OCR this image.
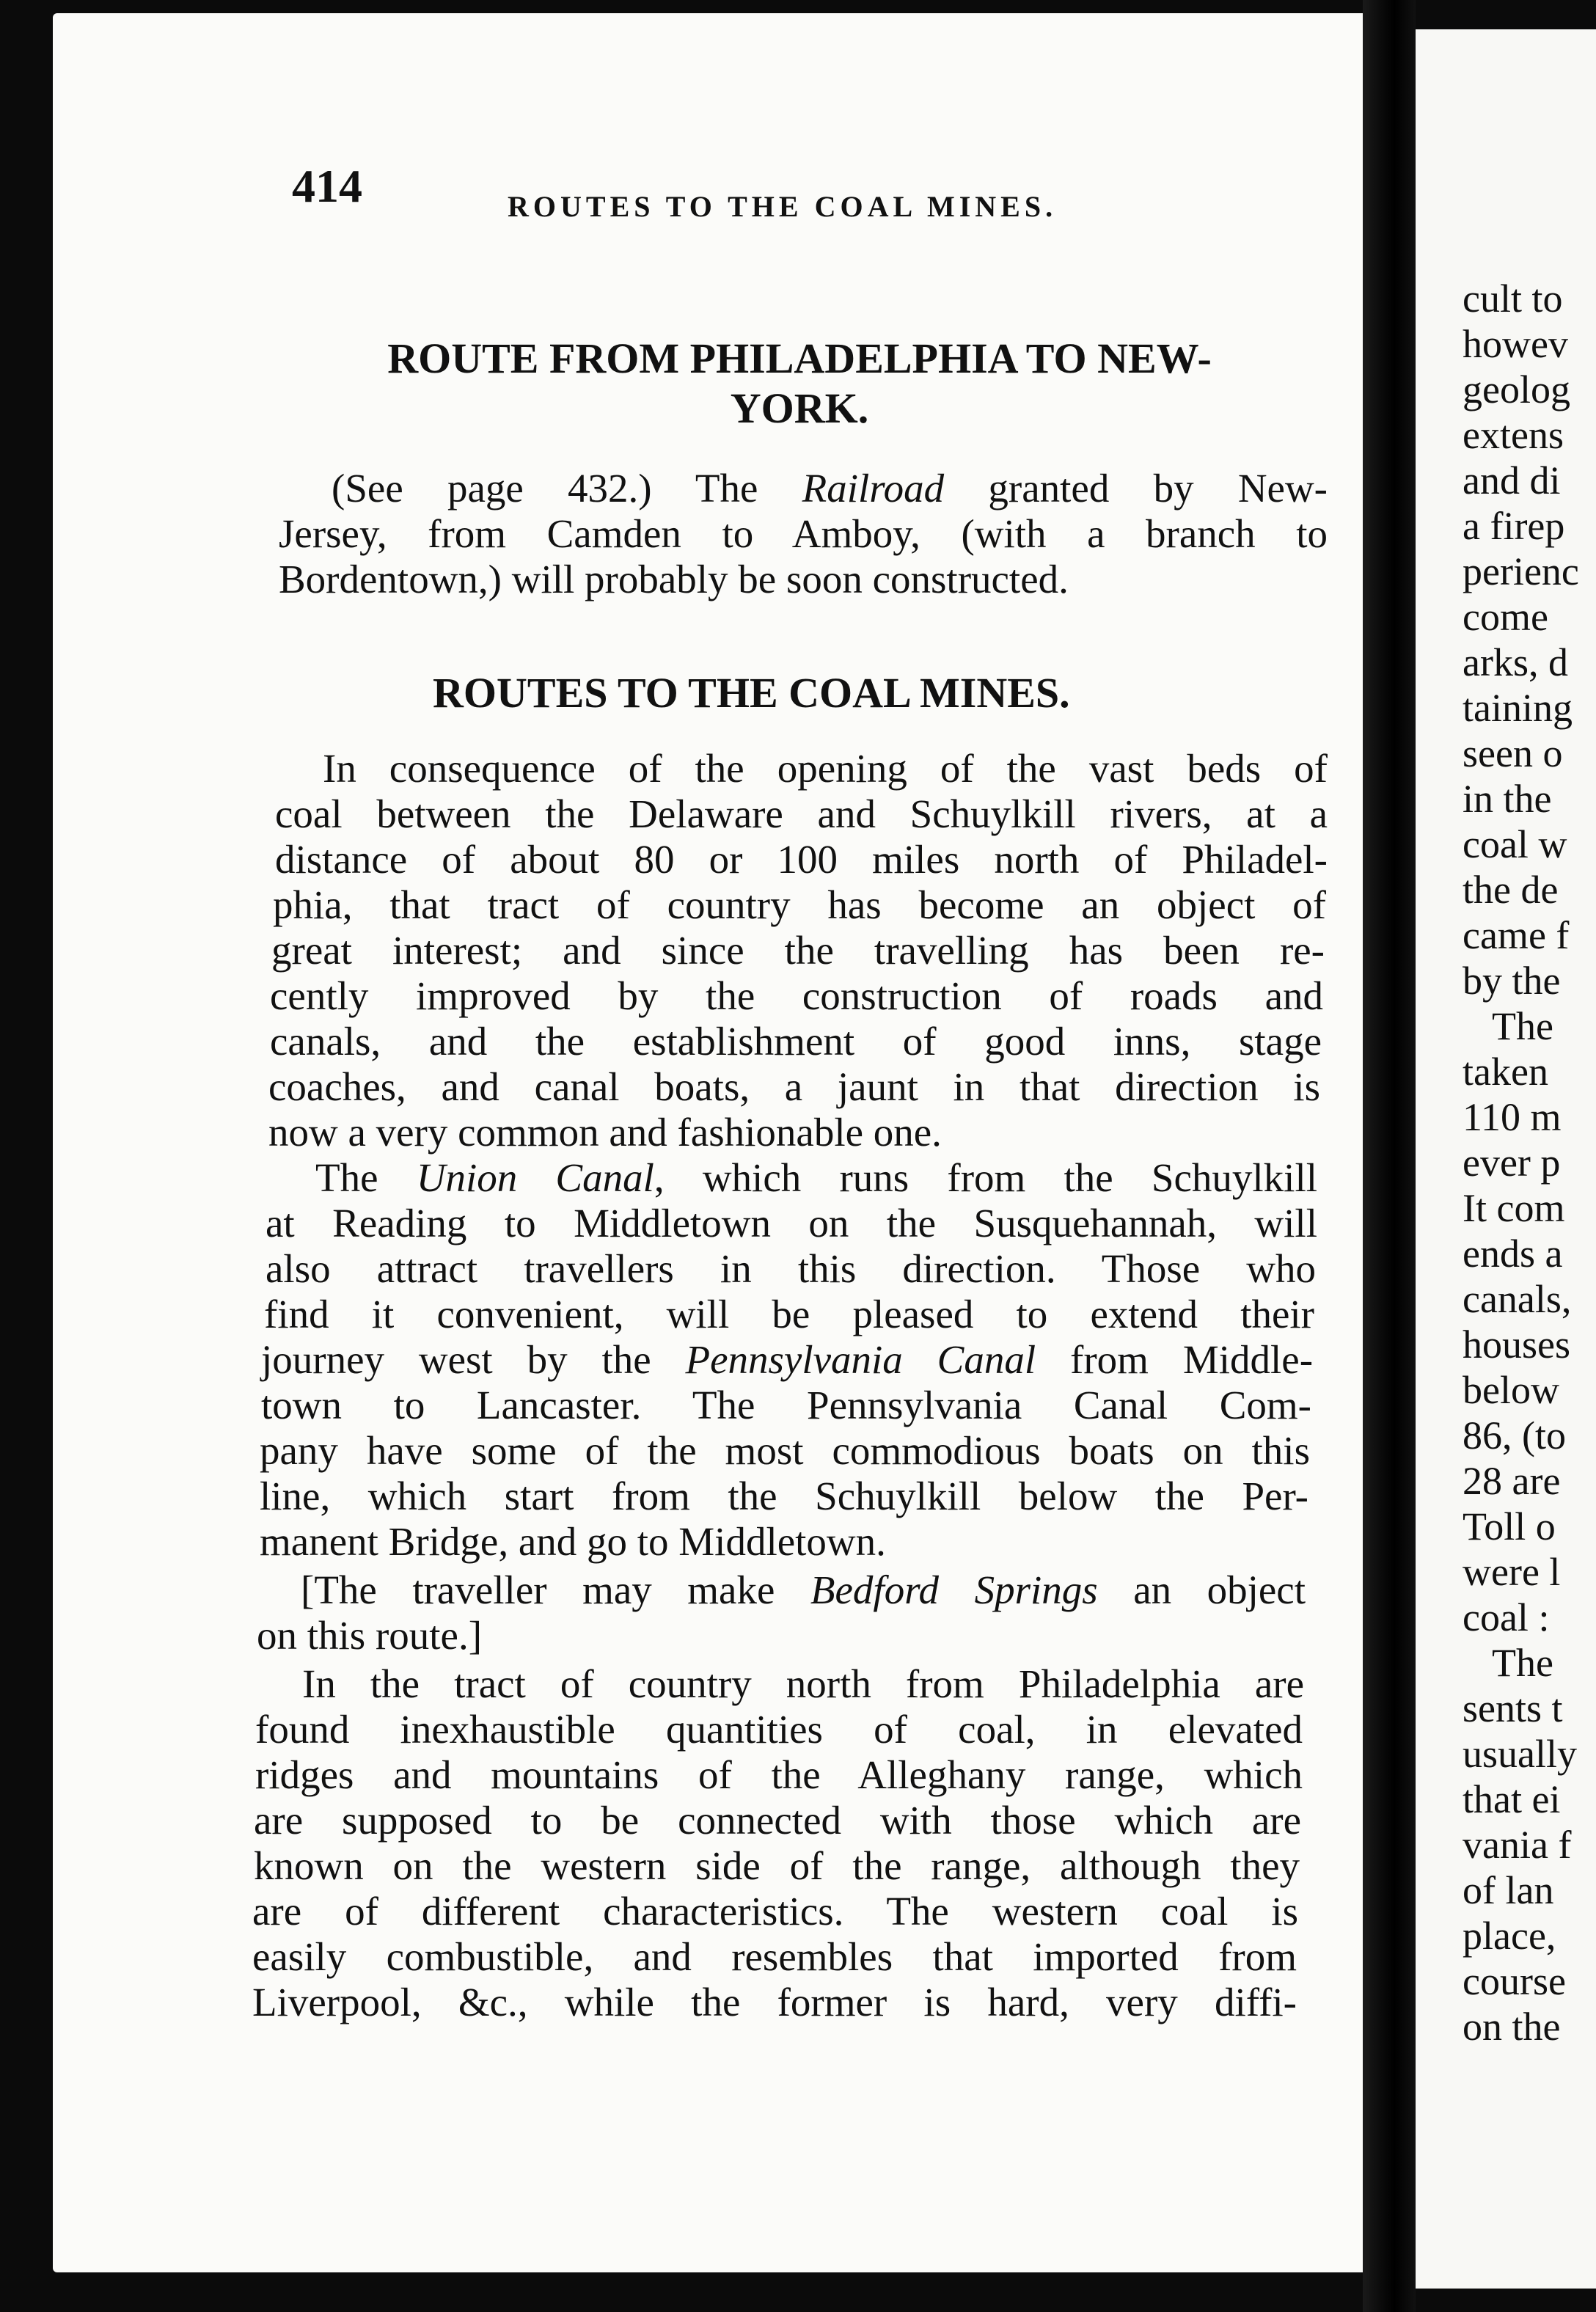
414	ROUTES TO THE COAL MINES.
ROUTE FROM PHILADELPHIA TO NEW-
YORK.
(See page 432.) The Railroad granted by New-
Jersey, from Camden to Amboy, (with a branch to
Bordentown,) will probably be soon constructed.
ROUTES TO THE COAL MINES.
In consequence of the opening of the vast beds of
coal between the Delaware and Schuylkill rivers, at a
distance of about 80 or 100 miles north of Philadel-
phia, that tract of country has become an object of
great interest; and since the travelling has been re-
cently improved by the construction of roads and
canals, and the establishment of good inns, stage
coaches, and canal boats, a jaunt in that direction is
now a very common and fashionable one.
The Union Canal, which runs from the Schuylkill
at Reading to Middletown on the Susquehannah, will
also attract travellers in this direction. Those who
find it convenient, will be pleased to extend their
journey west by the Pennsylvania Canal from Middle-
town to Lancaster. The Pennsylvania Canal Com-
pany have some of the most commodious boats on this
line, which start from the Schuylkill below the Per-
manent Bridge, and go to Middletown.
[The traveller may make Bedford Springs an object
on this route.]
In the tract of country north from Philadelphia are
found inexhaustible quantities of coal, in elevated
ridges and mountains of the Alleghany range, which
are supposed to be connected with those which are
known on the western side of the range, although they
are of different characteristics. The western coal is
easily combustible, and resembles that imported from
Liverpool, &c., while the former is hard, very diffi-
cult to
howev
geolog
extens
and di
a firep
perienc
come
arks, d
taining
seen o
in the
coal w
the de
came f
by the
The
taken
110 m
ever p
It com
ends a
canals,
houses
below
86, (to
28 are
Toll o
were l
coal :
The
sents t
usually
that ei
vania f
of lan
place,
course
on the
